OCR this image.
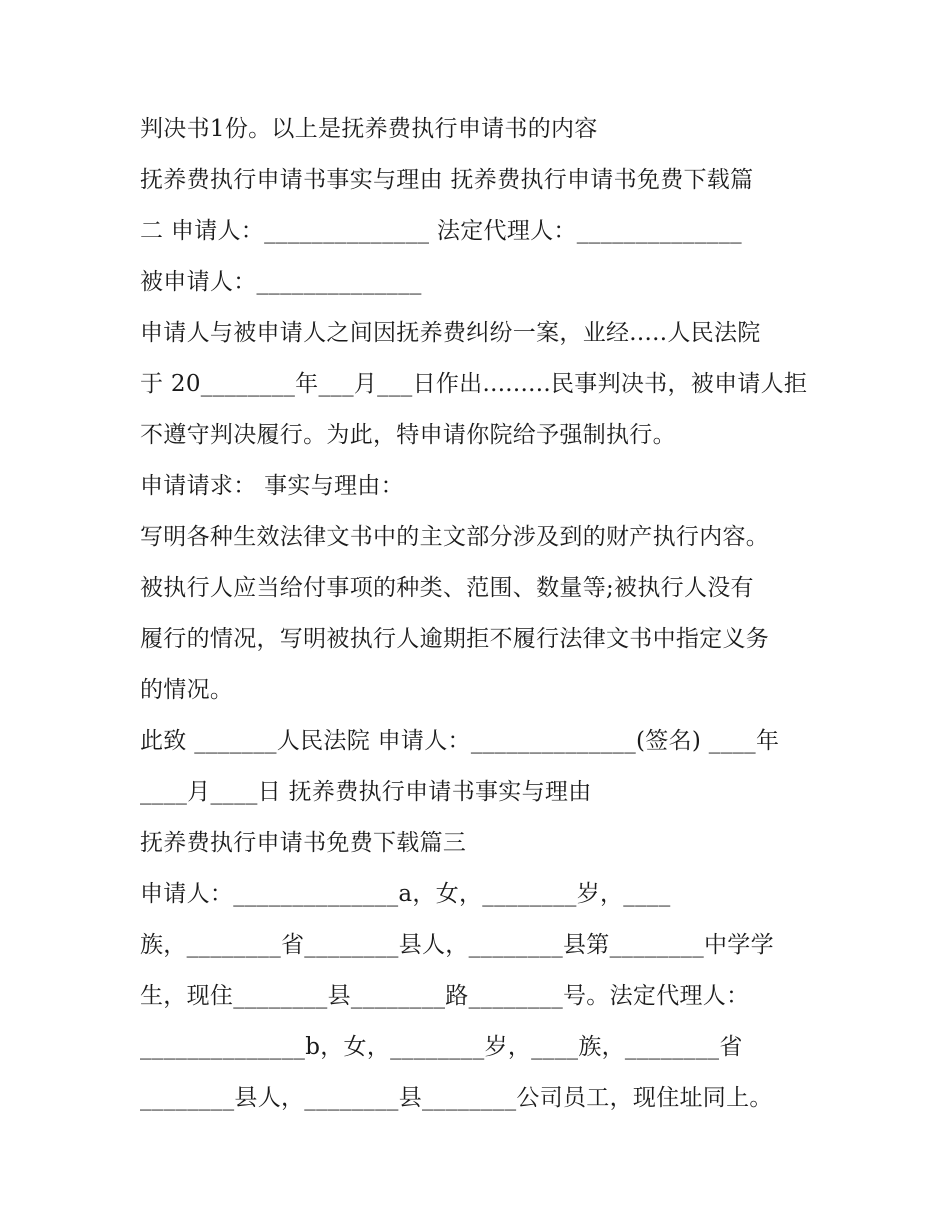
判决书1份。以上是抚养费执行申请书的内容
抚养费执行申请书事实与理由 抚养费执行申请书免费下载篇
二 申请人：______________ 法定代理人：______________
被申请人：______________
申请人与被申请人之间因抚养费纠纷一案，业经.....人民法院
于 20________年___月___日作出.........民事判决书，被申请人拒
不遵守判决履行。为此，特申请你院给予强制执行。
申请请求： 事实与理由：
写明各种生效法律文书中的主文部分涉及到的财产执行内容。
被执行人应当给付事项的种类、范围、数量等;被执行人没有
履行的情况，写明被执行人逾期拒不履行法律文书中指定义务
的情况。
此致 _______人民法院 申请人：______________(签名) ____年
____月____日 抚养费执行申请书事实与理由
抚养费执行申请书免费下载篇三
申请人：______________a，女，________岁，____
族，________省________县人，________县第________中学学
生，现住________县________路________号。法定代理人：
______________b，女，________岁，____族，________省
________县人，________县________公司员工，现住址同上。
